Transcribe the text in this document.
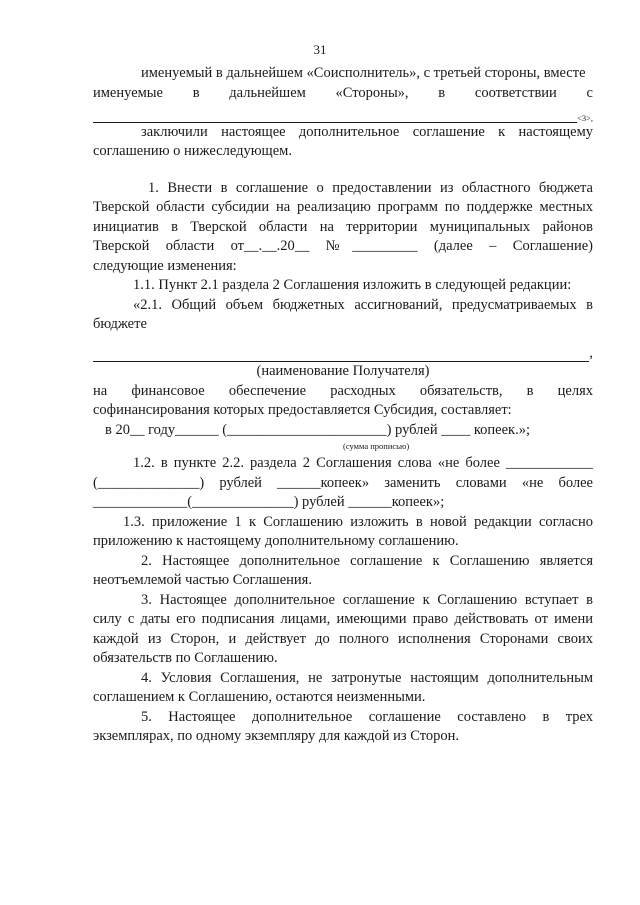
31
именуемый в дальнейшем «Соисполнитель», с третьей стороны, вместе
именуемые в дальнейшем «Стороны», в соответствии с
<3>,
заключили настоящее дополнительное соглашение к настоящему
соглашению о нижеследующем.
1. Внести в соглашение о предоставлении из областного бюджета
Тверской области субсидии на реализацию программ по поддержке местных
инициатив в Тверской области на территории муниципальных районов
Тверской области от__.__.20__ №_________ (далее – Соглашение)
следующие изменения:
1.1. Пункт 2.1 раздела 2 Соглашения изложить в следующей редакции:
«2.1. Общий объем бюджетных ассигнований, предусматриваемых в
бюджете
,
(наименование Получателя)
на финансовое обеспечение расходных обязательств, в целях
софинансирования которых предоставляется Субсидия, составляет:
в 20__ году______ (______________________) рублей ____ копеек.»;
(сумма прописью)
1.2. в пункте 2.2. раздела 2 Соглашения слова «не более ____________
(______________) рублей ______копеек» заменить словами «не более
_____________(______________) рублей ______копеек»;
1.3. приложение 1 к Соглашению изложить в новой редакции согласно
приложению к настоящему дополнительному соглашению.
2. Настоящее дополнительное соглашение к Соглашению является
неотъемлемой частью Соглашения.
3. Настоящее дополнительное соглашение к Соглашению вступает в
силу с даты его подписания лицами, имеющими право действовать от имени
каждой из Сторон, и действует до полного исполнения Сторонами своих
обязательств по Соглашению.
4. Условия Соглашения, не затронутые настоящим дополнительным
соглашением к Соглашению, остаются неизменными.
5. Настоящее дополнительное соглашение составлено в трех
экземплярах, по одному экземпляру для каждой из Сторон.
